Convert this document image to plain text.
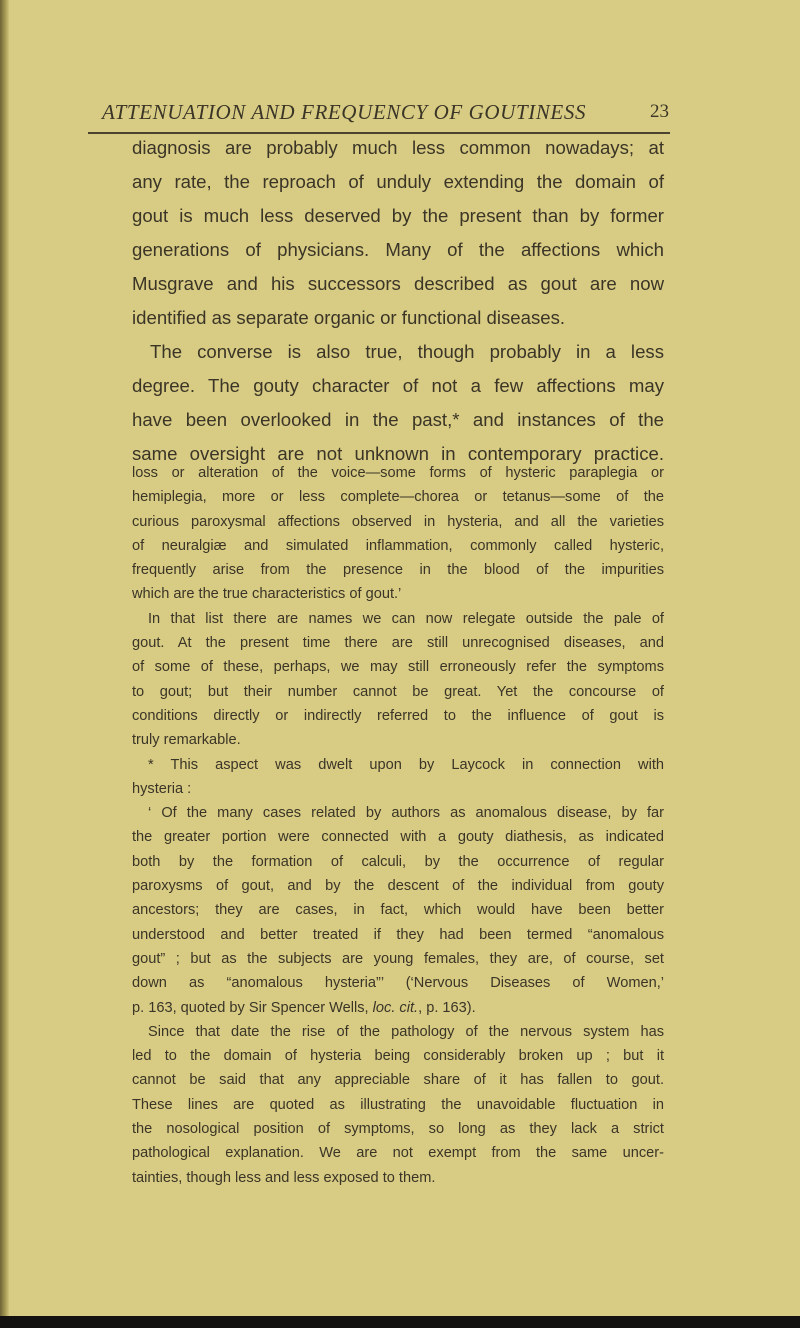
ATTENUATION AND FREQUENCY OF GOUTINESS	23
diagnosis are probably much less common nowadays; at
any rate, the reproach of unduly extending the domain of
gout is much less deserved by the present than by former
generations of physicians. Many of the affections which
Musgrave and his successors described as gout are now
identified as separate organic or functional diseases.
The converse is also true, though probably in a less
degree. The gouty character of not a few affections may
have been overlooked in the past,* and instances of the
same oversight are not unknown in contemporary practice.
loss or alteration of the voice—some forms of hysteric paraplegia or
hemiplegia, more or less complete—chorea or tetanus—some of the
curious paroxysmal affections observed in hysteria, and all the varieties
of neuralgiæ and simulated inflammation, commonly called hysteric,
frequently arise from the presence in the blood of the impurities
which are the true characteristics of gout.’
In that list there are names we can now relegate outside the pale of
gout. At the present time there are still unrecognised diseases, and
of some of these, perhaps, we may still erroneously refer the symptoms
to gout; but their number cannot be great. Yet the concourse of
conditions directly or indirectly referred to the influence of gout is
truly remarkable.
* This aspect was dwelt upon by Laycock in connection with
hysteria :
‘ Of the many cases related by authors as anomalous disease, by far
the greater portion were connected with a gouty diathesis, as indicated
both by the formation of calculi, by the occurrence of regular
paroxysms of gout, and by the descent of the individual from gouty
ancestors; they are cases, in fact, which would have been better
understood and better treated if they had been termed “anomalous
gout” ; but as the subjects are young females, they are, of course, set
down as “anomalous hysteria”’ (‘Nervous Diseases of Women,’
p. 163, quoted by Sir Spencer Wells, loc. cit., p. 163).
Since that date the rise of the pathology of the nervous system has
led to the domain of hysteria being considerably broken up ; but it
cannot be said that any appreciable share of it has fallen to gout.
These lines are quoted as illustrating the unavoidable fluctuation in
the nosological position of symptoms, so long as they lack a strict
pathological explanation. We are not exempt from the same uncer-
tainties, though less and less exposed to them.
